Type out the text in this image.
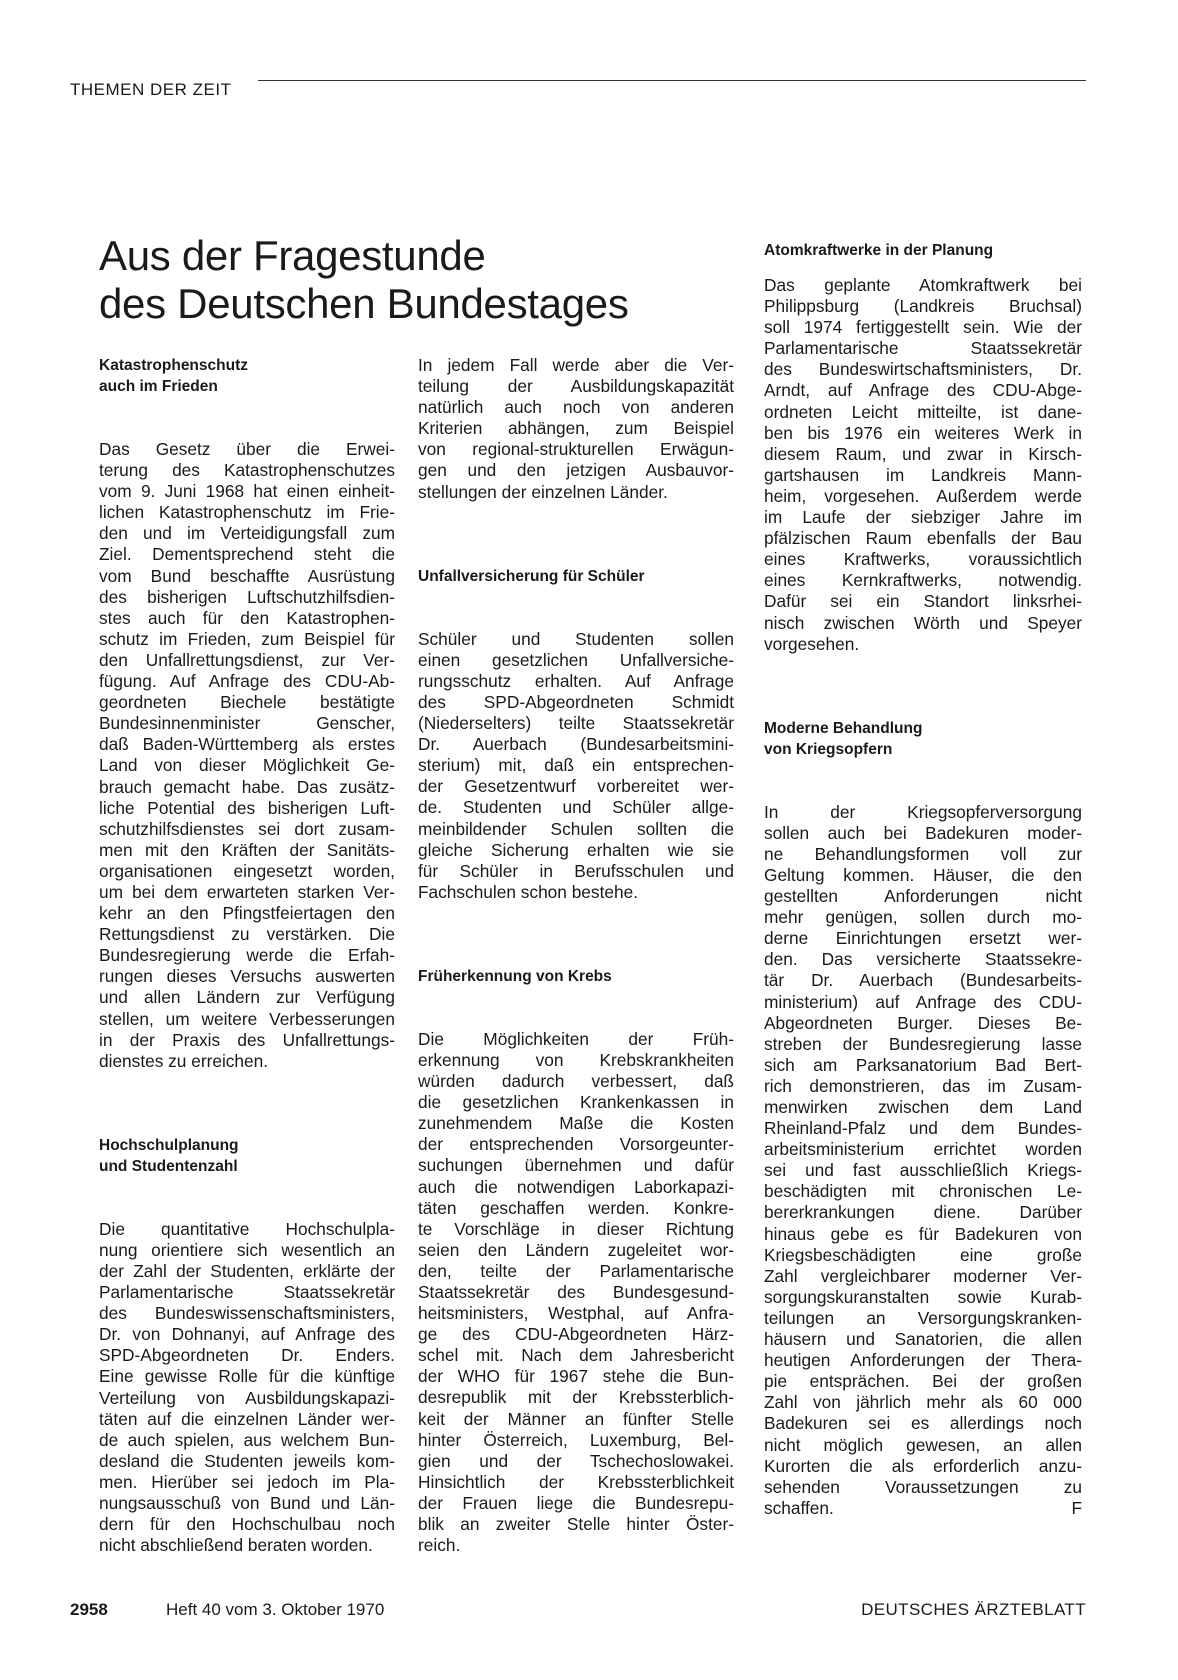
THEMEN DER ZEIT
Aus der Fragestunde
des Deutschen Bundestages
Katastrophenschutz
auch im Frieden

Das Gesetz über die Erwei-
terung des Katastrophenschutzes
vom 9. Juni 1968 hat einen einheit-
lichen Katastrophenschutz im Frie-
den und im Verteidigungsfall zum
Ziel. Dementsprechend steht die
vom Bund beschaffte Ausrüstung
des bisherigen Luftschutzhilfsdien-
stes auch für den Katastrophen-
schutz im Frieden, zum Beispiel für
den Unfallrettungsdienst, zur Ver-
fügung. Auf Anfrage des CDU-Ab-
geordneten Biechele bestätigte
Bundesinnenminister Genscher,
daß Baden-Württemberg als erstes
Land von dieser Möglichkeit Ge-
brauch gemacht habe. Das zusätz-
liche Potential des bisherigen Luft-
schutzhilfsdienstes sei dort zusam-
men mit den Kräften der Sanitäts-
organisationen eingesetzt worden,
um bei dem erwarteten starken Ver-
kehr an den Pfingstfeiertagen den
Rettungsdienst zu verstärken. Die
Bundesregierung werde die Erfah-
rungen dieses Versuchs auswerten
und allen Ländern zur Verfügung
stellen, um weitere Verbesserungen
in der Praxis des Unfallrettungs-
dienstes zu erreichen.

Hochschulplanung
und Studentenzahl

Die quantitative Hochschulpla-
nung orientiere sich wesentlich an
der Zahl der Studenten, erklärte der
Parlamentarische Staatssekretär
des Bundeswissenschaftsministers,
Dr. von Dohnanyi, auf Anfrage des
SPD-Abgeordneten Dr. Enders.
Eine gewisse Rolle für die künftige
Verteilung von Ausbildungskapazi-
täten auf die einzelnen Länder wer-
de auch spielen, aus welchem Bun-
desland die Studenten jeweils kom-
men. Hierüber sei jedoch im Pla-
nungsausschuß von Bund und Län-
dern für den Hochschulbau noch
nicht abschließend beraten worden.

In jedem Fall werde aber die Ver-
teilung der Ausbildungskapazität
natürlich auch noch von anderen
Kriterien abhängen, zum Beispiel
von regional-strukturellen Erwägun-
gen und den jetzigen Ausbauvor-
stellungen der einzelnen Länder.

Unfallversicherung für Schüler

Schüler und Studenten sollen
einen gesetzlichen Unfallversiche-
rungsschutz erhalten. Auf Anfrage
des SPD-Abgeordneten Schmidt
(Niederselters) teilte Staatssekretär
Dr. Auerbach (Bundesarbeitsmini-
sterium) mit, daß ein entsprechen-
der Gesetzentwurf vorbereitet wer-
de. Studenten und Schüler allge-
meinbildender Schulen sollten die
gleiche Sicherung erhalten wie sie
für Schüler in Berufsschulen und
Fachschulen schon bestehe.

Früherkennung von Krebs

Die Möglichkeiten der Früh-
erkennung von Krebskrankheiten
würden dadurch verbessert, daß
die gesetzlichen Krankenkassen in
zunehmendem Maße die Kosten
der entsprechenden Vorsorgeunter-
suchungen übernehmen und dafür
auch die notwendigen Laborkapazi-
täten geschaffen werden. Konkre-
te Vorschläge in dieser Richtung
seien den Ländern zugeleitet wor-
den, teilte der Parlamentarische
Staatssekretär des Bundesgesund-
heitsministers, Westphal, auf Anfra-
ge des CDU-Abgeordneten Härz-
schel mit. Nach dem Jahresbericht
der WHO für 1967 stehe die Bun-
desrepublik mit der Krebssterblich-
keit der Männer an fünfter Stelle
hinter Österreich, Luxemburg, Bel-
gien und der Tschechoslowakei.
Hinsichtlich der Krebssterblichkeit
der Frauen liege die Bundesrepu-
blik an zweiter Stelle hinter Öster-
reich.

Atomkraftwerke in der Planung

Das geplante Atomkraftwerk bei
Philippsburg (Landkreis Bruchsal)
soll 1974 fertiggestellt sein. Wie der
Parlamentarische Staatssekretär
des Bundeswirtschaftsministers, Dr.
Arndt, auf Anfrage des CDU-Abge-
ordneten Leicht mitteilte, ist dane-
ben bis 1976 ein weiteres Werk in
diesem Raum, und zwar in Kirsch-
gartshausen im Landkreis Mann-
heim, vorgesehen. Außerdem werde
im Laufe der siebziger Jahre im
pfälzischen Raum ebenfalls der Bau
eines Kraftwerks, voraussichtlich
eines Kernkraftwerks, notwendig.
Dafür sei ein Standort linksrhei-
nisch zwischen Wörth und Speyer
vorgesehen.

Moderne Behandlung
von Kriegsopfern

In der Kriegsopferversorgung
sollen auch bei Badekuren moder-
ne Behandlungsformen voll zur
Geltung kommen. Häuser, die den
gestellten Anforderungen nicht
mehr genügen, sollen durch mo-
derne Einrichtungen ersetzt wer-
den. Das versicherte Staatssekre-
tär Dr. Auerbach (Bundesarbeits-
ministerium) auf Anfrage des CDU-
Abgeordneten Burger. Dieses Be-
streben der Bundesregierung lasse
sich am Parksanatorium Bad Bert-
rich demonstrieren, das im Zusam-
menwirken zwischen dem Land
Rheinland-Pfalz und dem Bundes-
arbeitsministerium errichtet worden
sei und fast ausschließlich Kriegs-
beschädigten mit chronischen Le-
bererkrankungen diene. Darüber
hinaus gebe es für Badekuren von
Kriegsbeschädigten eine große
Zahl vergleichbarer moderner Ver-
sorgungskuranstalten sowie Kurab-
teilungen an Versorgungskranken-
häusern und Sanatorien, die allen
heutigen Anforderungen der Thera-
pie entsprächen. Bei der großen
Zahl von jährlich mehr als 60 000
Badekuren sei es allerdings noch
nicht möglich gewesen, an allen
Kurorten die als erforderlich anzu-
sehenden Voraussetzungen zu
schaffen.	F

2958	Heft 40 vom 3. Oktober 1970	DEUTSCHES ÄRZTEBLATT
